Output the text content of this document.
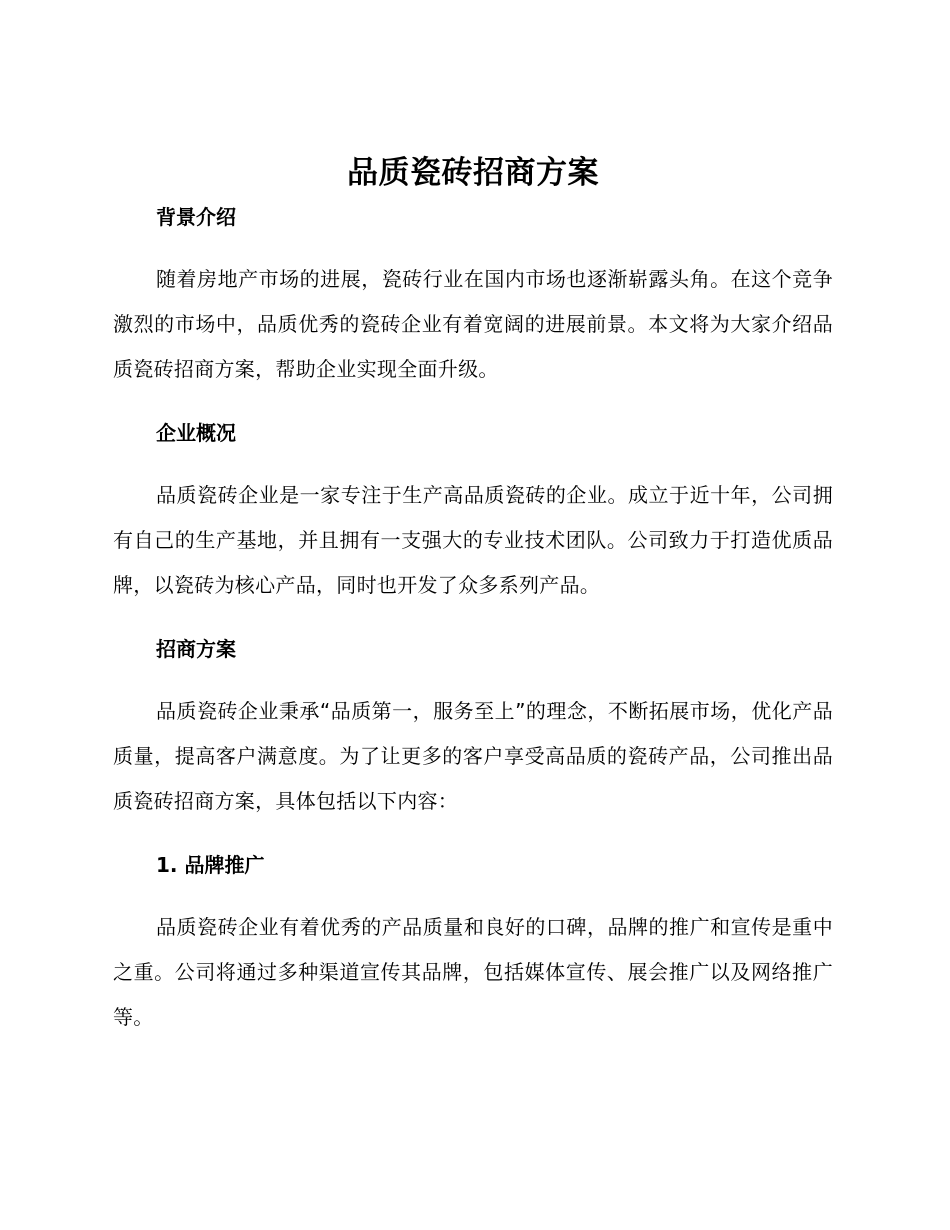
品质瓷砖招商方案
背景介绍

随着房地产市场的进展，瓷砖行业在国内市场也逐渐崭露头角。在这个竞争激烈的市场中，品质优秀的瓷砖企业有着宽阔的进展前景。本文将为大家介绍品质瓷砖招商方案，帮助企业实现全面升级。

企业概况

品质瓷砖企业是一家专注于生产高品质瓷砖的企业。成立于近十年，公司拥有自己的生产基地，并且拥有一支强大的专业技术团队。公司致力于打造优质品牌，以瓷砖为核心产品，同时也开发了众多系列产品。

招商方案

品质瓷砖企业秉承“品质第一，服务至上”的理念，不断拓展市场，优化产品质量，提高客户满意度。为了让更多的客户享受高品质的瓷砖产品，公司推出品质瓷砖招商方案，具体包括以下内容：

1. 品牌推广

品质瓷砖企业有着优秀的产品质量和良好的口碑，品牌的推广和宣传是重中之重。公司将通过多种渠道宣传其品牌，包括媒体宣传、展会推广以及网络推广等。
